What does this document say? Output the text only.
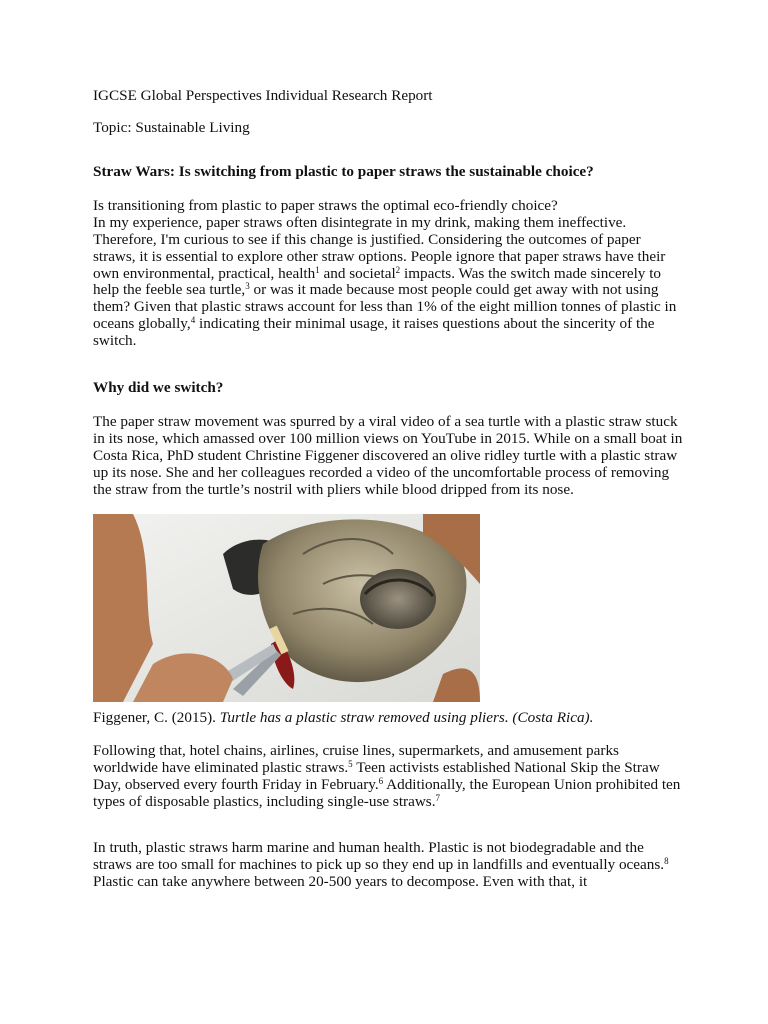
IGCSE Global Perspectives Individual Research Report

Topic: Sustainable Living

Straw Wars: Is switching from plastic to paper straws the sustainable choice?

Is transitioning from plastic to paper straws the optimal eco-friendly choice?
In my experience, paper straws often disintegrate in my drink, making them ineffective. Therefore, I'm curious to see if this change is justified. Considering the outcomes of paper straws, it is essential to explore other straw options. People ignore that paper straws have their own environmental, practical, health$^1$ and societal$^2$ impacts. Was the switch made sincerely to help the feeble sea turtle,$^3$ or was it made because most people could get away with not using them? Given that plastic straws account for less than 1% of the eight million tonnes of plastic in oceans globally,$^4$ indicating their minimal usage, it raises questions about the sincerity of the switch.

Why did we switch?

The paper straw movement was spurred by a viral video of a sea turtle with a plastic straw stuck in its nose, which amassed over 100 million views on YouTube in 2015. While on a small boat in Costa Rica, PhD student Christine Figgener discovered an olive ridley turtle with a plastic straw up its nose. She and her colleagues recorded a video of the uncomfortable process of removing the straw from the turtle’s nostril with pliers while blood dripped from its nose.

Figgener, C. (2015). Turtle has a plastic straw removed using pliers. (Costa Rica).

Following that, hotel chains, airlines, cruise lines, supermarkets, and amusement parks worldwide have eliminated plastic straws.$^5$ Teen activists established National Skip the Straw Day, observed every fourth Friday in February.$^6$ Additionally, the European Union prohibited ten types of disposable plastics, including single-use straws.$^7$

In truth, plastic straws harm marine and human health. Plastic is not biodegradable and the straws are too small for machines to pick up so they end up in landfills and eventually oceans.$^8$ Plastic can take anywhere between 20-500 years to decompose. Even with that, it
